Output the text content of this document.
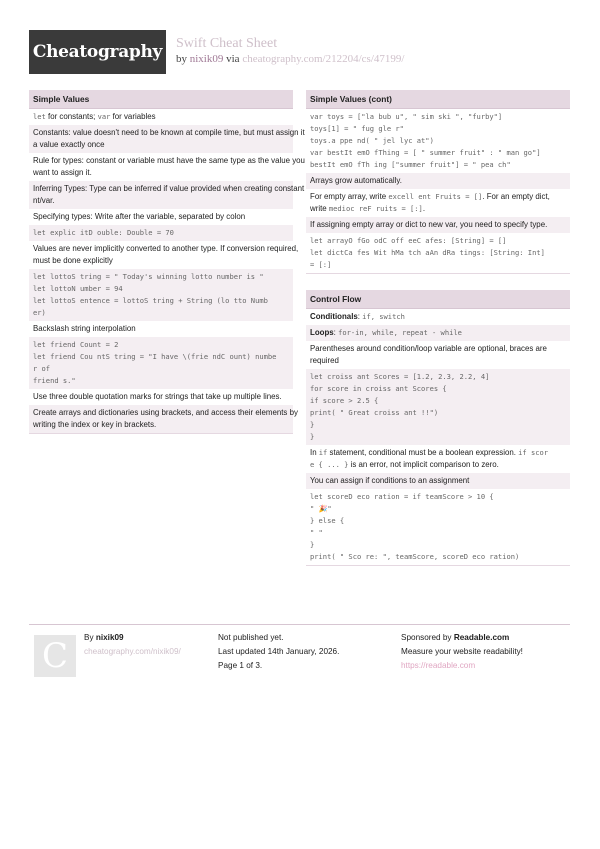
Cheatography Swift Cheat Sheet
by nixik09 via cheatography.com/212204/cs/47199/
Simple Values
let for constants; var for variables
Constants: value doesn't need to be known at compile time, but must assign it
a value exactly once
Rule for types: constant or variable must have the same type as the value you
want to assign it.
Inferring Types: Type can be inferred if value provided when creating constant
nt/var.
Specifying types: Write after the variable, separated by colon
let explic itD ouble: Double = 70
Values are never implicitly converted to another type. If conversion required,
must be done explicitly
let lottoS tring = " Today's winning lotto number is "
let lottoN umber = 94
let lottoS entence = lottoS tring + String (lo tto Numb
er)
Backslash string interpolation
let friend Count = 2
let friend Cou ntS tring = "I have \(frie ndC ount) numbe
r of
friend s."
Use three double quotation marks for strings that take up multiple lines.
Create arrays and dictionaries using brackets, and access their elements by
writing the index or key in brackets.
Simple Values (cont)
var toys = ["la bub u", " sim ski ", "furby"]
toys[1] = " fug gle r"
toys.a ppe nd( " jel lyc at")
var bestIt emO fThing = [ " summer fruit" : " man go"]
bestIt emO fTh ing ["summer fruit"] = " pea ch"
Arrays grow automatically.
For empty array, write excell ent Fruits = []. For an empty dict,
write medioc reF ruits = [:].
If assigning empty array or dict to new var, you need to specify type.
let arrayO fGo odC off eeC afes: [String] = []
let dictCa fes Wit hMa tch aAn dRa tings: [String: Int]
= [:]
Control Flow
Conditionals: if, switch
Loops: for-in, while, repeat - while
Parentheses around condition/loop variable are optional, braces are
required
let croiss ant Scores = [1.2, 2.3, 2.2, 4]
for score in croiss ant Scores {
if score > 2.5 {
print( " Great croiss ant !!")
}
}
In if statement, conditional must be a boolean expression. if scor
e { ... } is an error, not implicit comparison to zero.
You can assign if conditions to an assignment
let scoreD eco ration = if teamScore > 10 {
" 🎉"
} else {
" "
}
print( " Sco re: ", teamScore, scoreD eco ration)
C	By nixik09
cheatography.com/nixik09/
Not published yet.
Last updated 14th January, 2026.
Page 1 of 3.
Sponsored by Readable.com
Measure your website readability!
https://readable.com
